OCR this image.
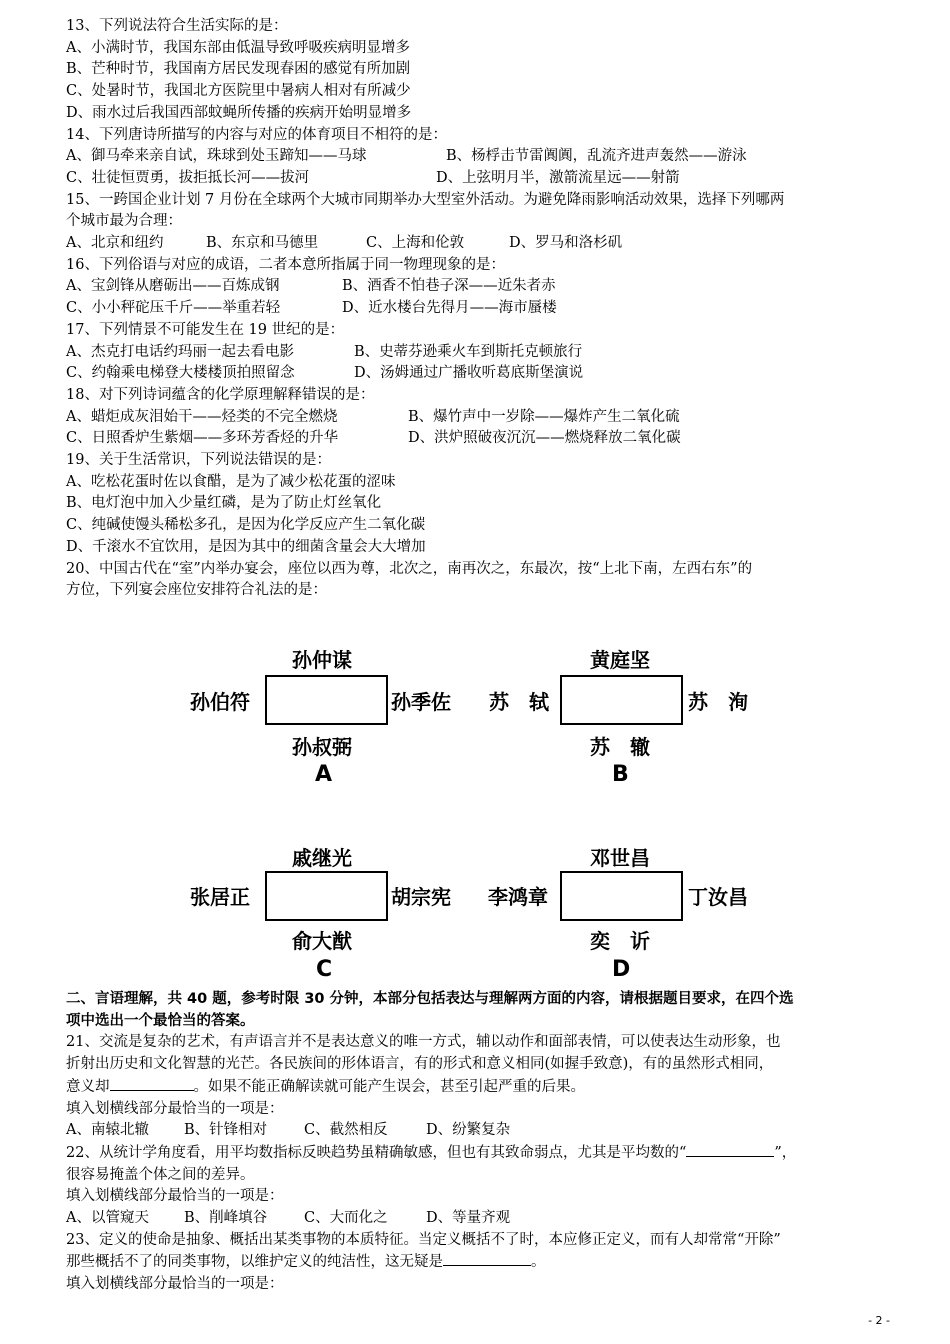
13、下列说法符合生活实际的是：
A、小满时节，我国东部由低温导致呼吸疾病明显增多
B、芒种时节，我国南方居民发现春困的感觉有所加剧
C、处暑时节，我国北方医院里中暑病人相对有所减少
D、雨水过后我国西部蚊蝇所传播的疾病开始明显增多
14、下列唐诗所描写的内容与对应的体育项目不相符的是：
A、御马牵来亲自试，珠球到处玉蹄知——马球	B、杨桴击节雷阗阗，乱流齐进声轰然——游泳
C、壮徒恒贾勇，拔拒抵长河——拔河	D、上弦明月半，激箭流星远——射箭
15、一跨国企业计划 7 月份在全球两个大城市同期举办大型室外活动。为避免降雨影响活动效果，选择下列哪两
个城市最为合理：
A、北京和纽约	B、东京和马德里	C、上海和伦敦	D、罗马和洛杉矶
16、下列俗语与对应的成语，二者本意所指属于同一物理现象的是：
A、宝剑锋从磨砺出——百炼成钢	B、酒香不怕巷子深——近朱者赤
C、小小秤砣压千斤——举重若轻	D、近水楼台先得月——海市蜃楼
17、下列情景不可能发生在 19 世纪的是：
A、杰克打电话约玛丽一起去看电影	B、史蒂芬逊乘火车到斯托克顿旅行
C、约翰乘电梯登大楼楼顶拍照留念	D、汤姆通过广播收听葛底斯堡演说
18、对下列诗词蕴含的化学原理解释错误的是：
A、蜡炬成灰泪始干——烃类的不完全燃烧	B、爆竹声中一岁除——爆炸产生二氧化硫
C、日照香炉生紫烟——多环芳香烃的升华	D、洪炉照破夜沉沉——燃烧释放二氧化碳
19、关于生活常识，下列说法错误的是：
A、吃松花蛋时佐以食醋，是为了减少松花蛋的涩味
B、电灯泡中加入少量红磷，是为了防止灯丝氧化
C、纯碱使馒头稀松多孔，是因为化学反应产生二氧化碳
D、千滚水不宜饮用，是因为其中的细菌含量会大大增加
20、中国古代在“室”内举办宴会，座位以西为尊，北次之，南再次之，东最次，按“上北下南，左西右东”的
方位，下列宴会座位安排符合礼法的是：
孙仲谋
孙伯符	孙季佐
孙叔弼
A
黄庭坚
苏　轼	苏　洵
苏　辙
B
戚继光
张居正	胡宗宪
俞大猷
C
邓世昌
李鸿章	丁汝昌
奕　䜣
D
二、言语理解，共 40 题，参考时限 30 分钟，本部分包括表达与理解两方面的内容，请根据题目要求，在四个选
项中选出一个最恰当的答案。
21、交流是复杂的艺术，有声语言并不是表达意义的唯一方式，辅以动作和面部表情，可以使表达生动形象，也
折射出历史和文化智慧的光芒。各民族间的形体语言，有的形式和意义相同(如握手致意)，有的虽然形式相同，
意义却	。如果不能正确解读就可能产生误会，甚至引起严重的后果。
填入划横线部分最恰当的一项是：
A、南辕北辙	B、针锋相对	C、截然相反	D、纷繁复杂
22、从统计学角度看，用平均数指标反映趋势虽精确敏感，但也有其致命弱点，尤其是平均数的“	”，
很容易掩盖个体之间的差异。
填入划横线部分最恰当的一项是：
A、以管窥天	B、削峰填谷	C、大而化之	D、等量齐观
23、定义的使命是抽象、概括出某类事物的本质特征。当定义概括不了时，本应修正定义，而有人却常常“开除”
那些概括不了的同类事物，以维护定义的纯洁性，这无疑是	。
填入划横线部分最恰当的一项是：
- 2 -
